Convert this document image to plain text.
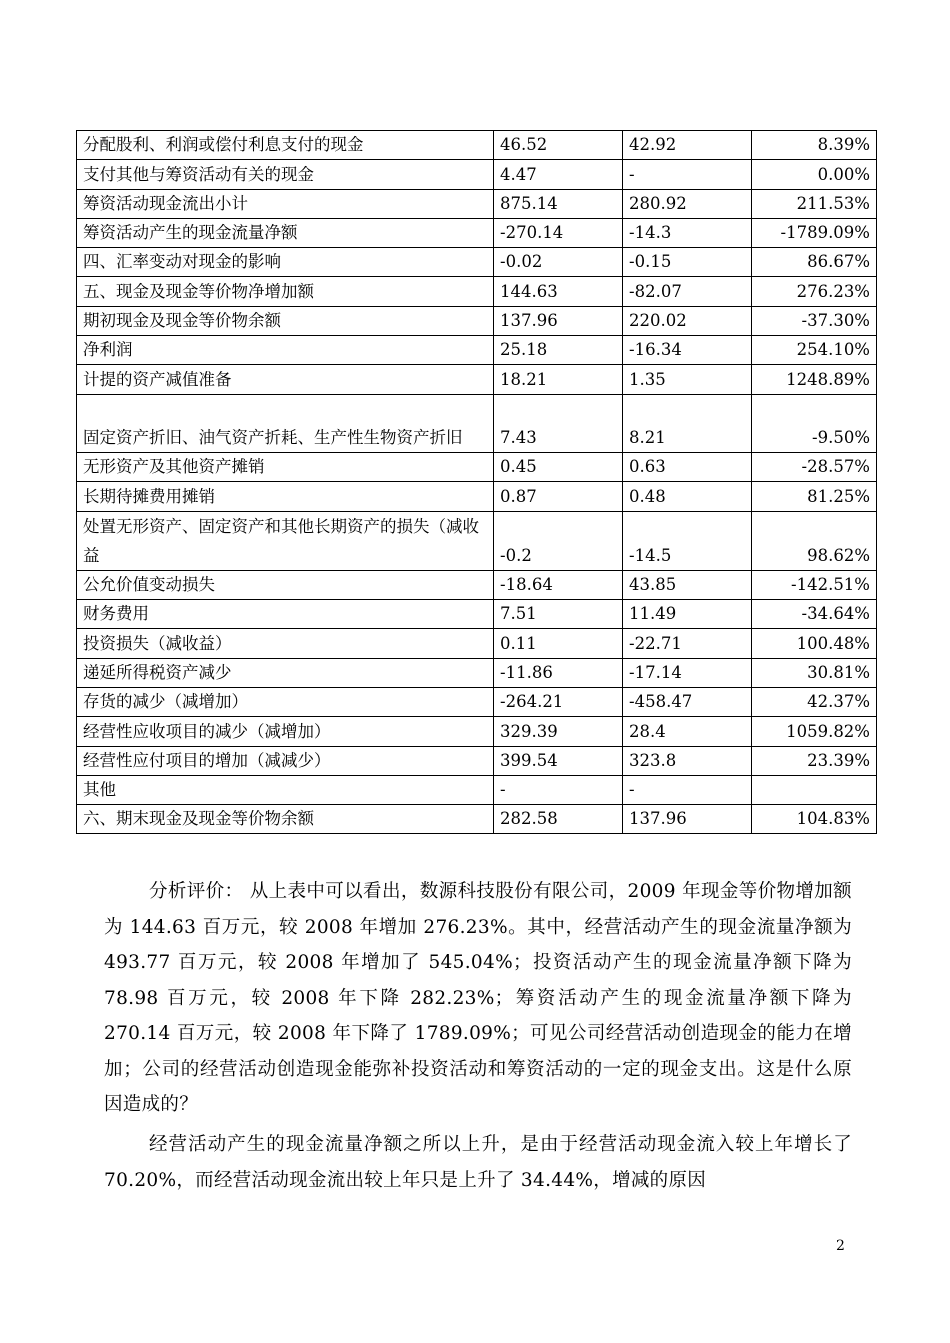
分配股利、利润或偿付利息支付的现金	46.52	42.92	8.39%
支付其他与筹资活动有关的现金	4.47	-	0.00%
筹资活动现金流出小计	875.14	280.92	211.53%
筹资活动产生的现金流量净额	-270.14	-14.3	-1789.09%
四、汇率变动对现金的影响	-0.02	-0.15	86.67%
五、现金及现金等价物净增加额	144.63	-82.07	276.23%
期初现金及现金等价物余额	137.96	220.02	-37.30%
净利润	25.18	-16.34	254.10%
计提的资产减值准备	18.21	1.35	1248.89%
固定资产折旧、油气资产折耗、生产性生物资产折旧	7.43	8.21	-9.50%
无形资产及其他资产摊销	0.45	0.63	-28.57%
长期待摊费用摊销	0.87	0.48	81.25%
处置无形资产、固定资产和其他长期资产的损失（减收益	-0.2	-14.5	98.62%
公允价值变动损失	-18.64	43.85	-142.51%
财务费用	7.51	11.49	-34.64%
投资损失（减收益）	0.11	-22.71	100.48%
递延所得税资产减少	-11.86	-17.14	30.81%
存货的减少（减增加）	-264.21	-458.47	42.37%
经营性应收项目的减少（减增加）	329.39	28.4	1059.82%
经营性应付项目的增加（减减少）	399.54	323.8	23.39%
其他	-	-	
六、期末现金及现金等价物余额	282.58	137.96	104.83%

分析评价： 从上表中可以看出，数源科技股份有限公司，2009 年现金等价物增加额为 144.63 百万元，较 2008 年增加 276.23%。其中，经营活动产生的现金流量净额为 493.77 百万元，较 2008 年增加了 545.04%；投资活动产生的现金流量净额下降为 78.98 百万元，较 2008 年下降 282.23%；筹资活动产生的现金流量净额下降为 270.14 百万元，较 2008 年下降了 1789.09%；可见公司经营活动创造现金的能力在增加；公司的经营活动创造现金能弥补投资活动和筹资活动的一定的现金支出。这是什么原因造成的？

经营活动产生的现金流量净额之所以上升，是由于经营活动现金流入较上年增长了 70.20%，而经营活动现金流出较上年只是上升了 34.44%，增减的原因

2
